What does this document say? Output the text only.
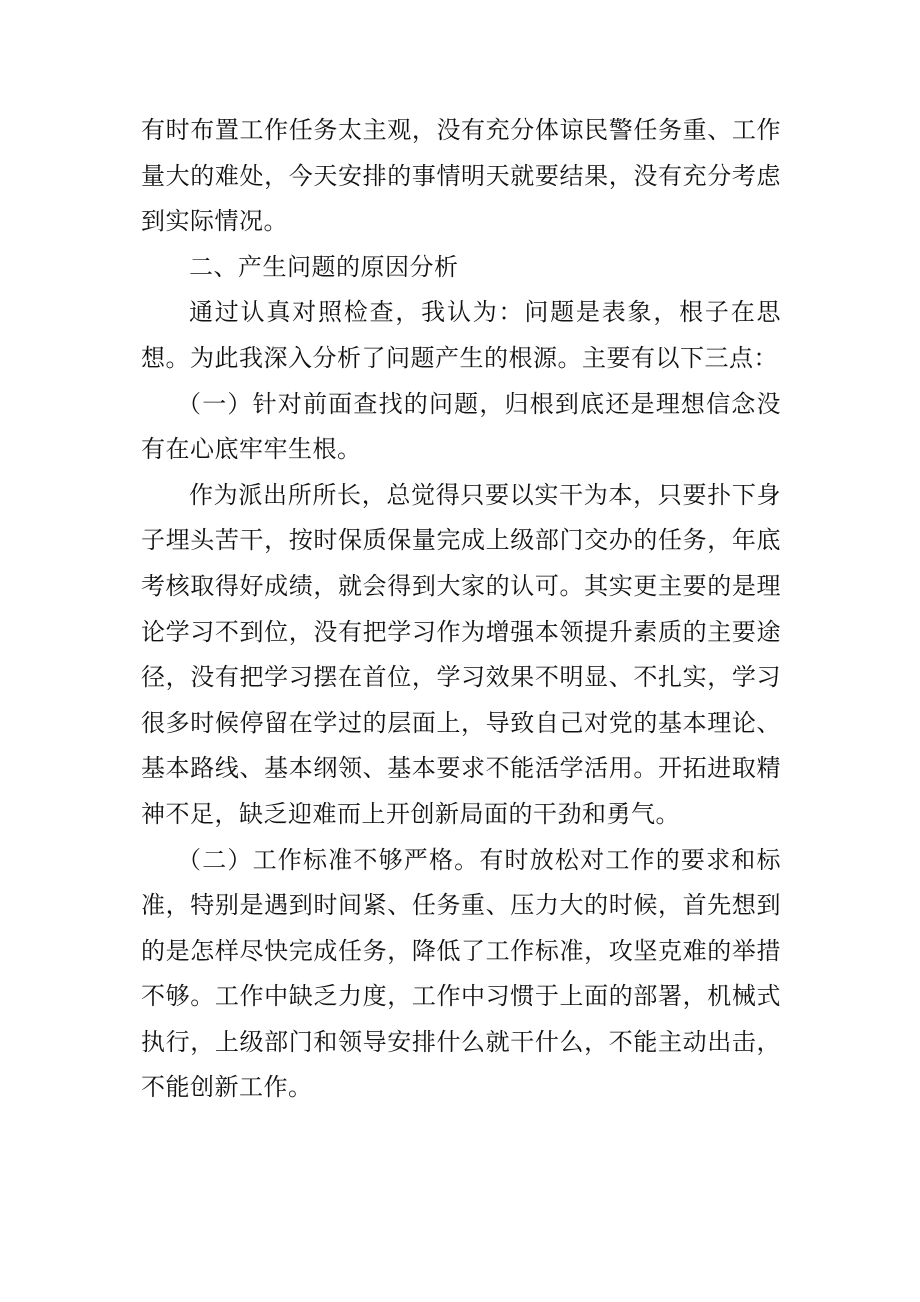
有时布置工作任务太主观，没有充分体谅民警任务重、工作量大的难处，今天安排的事情明天就要结果，没有充分考虑到实际情况。

二、产生问题的原因分析

通过认真对照检查，我认为：问题是表象，根子在思想。为此我深入分析了问题产生的根源。主要有以下三点：

（一）针对前面查找的问题，归根到底还是理想信念没有在心底牢牢生根。

作为派出所所长，总觉得只要以实干为本，只要扑下身子埋头苦干，按时保质保量完成上级部门交办的任务，年底考核取得好成绩，就会得到大家的认可。其实更主要的是理论学习不到位，没有把学习作为增强本领提升素质的主要途径，没有把学习摆在首位，学习效果不明显、不扎实，学习很多时候停留在学过的层面上，导致自己对党的基本理论、基本路线、基本纲领、基本要求不能活学活用。开拓进取精神不足，缺乏迎难而上开创新局面的干劲和勇气。

（二）工作标准不够严格。有时放松对工作的要求和标准，特别是遇到时间紧、任务重、压力大的时候，首先想到的是怎样尽快完成任务，降低了工作标准，攻坚克难的举措不够。工作中缺乏力度，工作中习惯于上面的部署，机械式执行，上级部门和领导安排什么就干什么，不能主动出击，不能创新工作。
